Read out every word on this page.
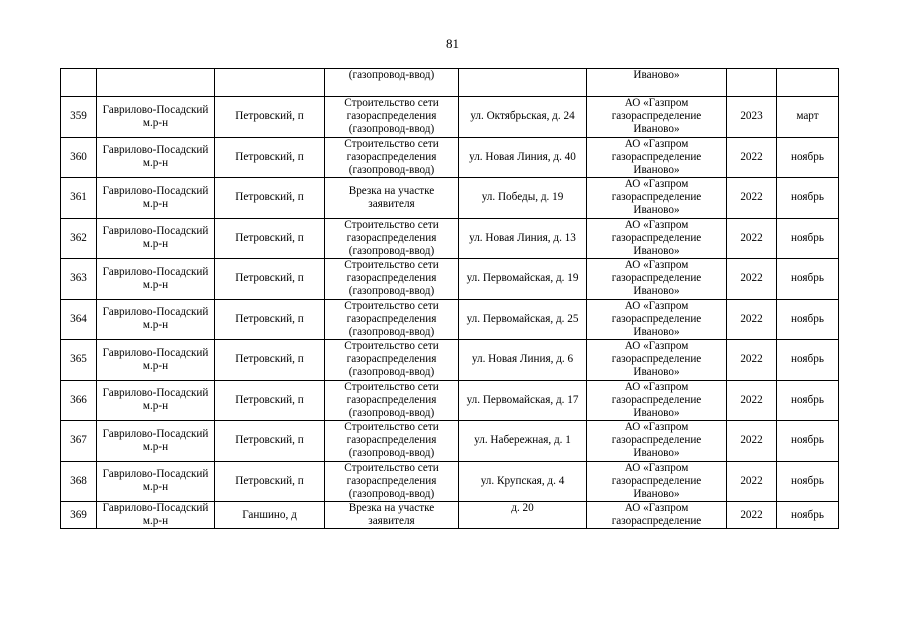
81
			(газопровод-ввод)		Иваново»		
359	Гаврилово-Посадский м.р-н	Петровский, п	Строительство сети газораспределения (газопровод-ввод)	ул. Октябрьская, д. 24	АО «Газпром газораспределение Иваново»	2023	март
360	Гаврилово-Посадский м.р-н	Петровский, п	Строительство сети газораспределения (газопровод-ввод)	ул. Новая Линия, д. 40	АО «Газпром газораспределение Иваново»	2022	ноябрь
361	Гаврилово-Посадский м.р-н	Петровский, п	Врезка на участке заявителя	ул. Победы, д. 19	АО «Газпром газораспределение Иваново»	2022	ноябрь
362	Гаврилово-Посадский м.р-н	Петровский, п	Строительство сети газораспределения (газопровод-ввод)	ул. Новая Линия, д. 13	АО «Газпром газораспределение Иваново»	2022	ноябрь
363	Гаврилово-Посадский м.р-н	Петровский, п	Строительство сети газораспределения (газопровод-ввод)	ул. Первомайская, д. 19	АО «Газпром газораспределение Иваново»	2022	ноябрь
364	Гаврилово-Посадский м.р-н	Петровский, п	Строительство сети газораспределения (газопровод-ввод)	ул. Первомайская, д. 25	АО «Газпром газораспределение Иваново»	2022	ноябрь
365	Гаврилово-Посадский м.р-н	Петровский, п	Строительство сети газораспределения (газопровод-ввод)	ул. Новая Линия, д. 6	АО «Газпром газораспределение Иваново»	2022	ноябрь
366	Гаврилово-Посадский м.р-н	Петровский, п	Строительство сети газораспределения (газопровод-ввод)	ул. Первомайская, д. 17	АО «Газпром газораспределение Иваново»	2022	ноябрь
367	Гаврилово-Посадский м.р-н	Петровский, п	Строительство сети газораспределения (газопровод-ввод)	ул. Набережная, д. 1	АО «Газпром газораспределение Иваново»	2022	ноябрь
368	Гаврилово-Посадский м.р-н	Петровский, п	Строительство сети газораспределения (газопровод-ввод)	ул. Крупская, д. 4	АО «Газпром газораспределение Иваново»	2022	ноябрь
369	Гаврилово-Посадский м.р-н	Ганшино, д	Врезка на участке заявителя	д. 20	АО «Газпром газораспределение	2022	ноябрь
